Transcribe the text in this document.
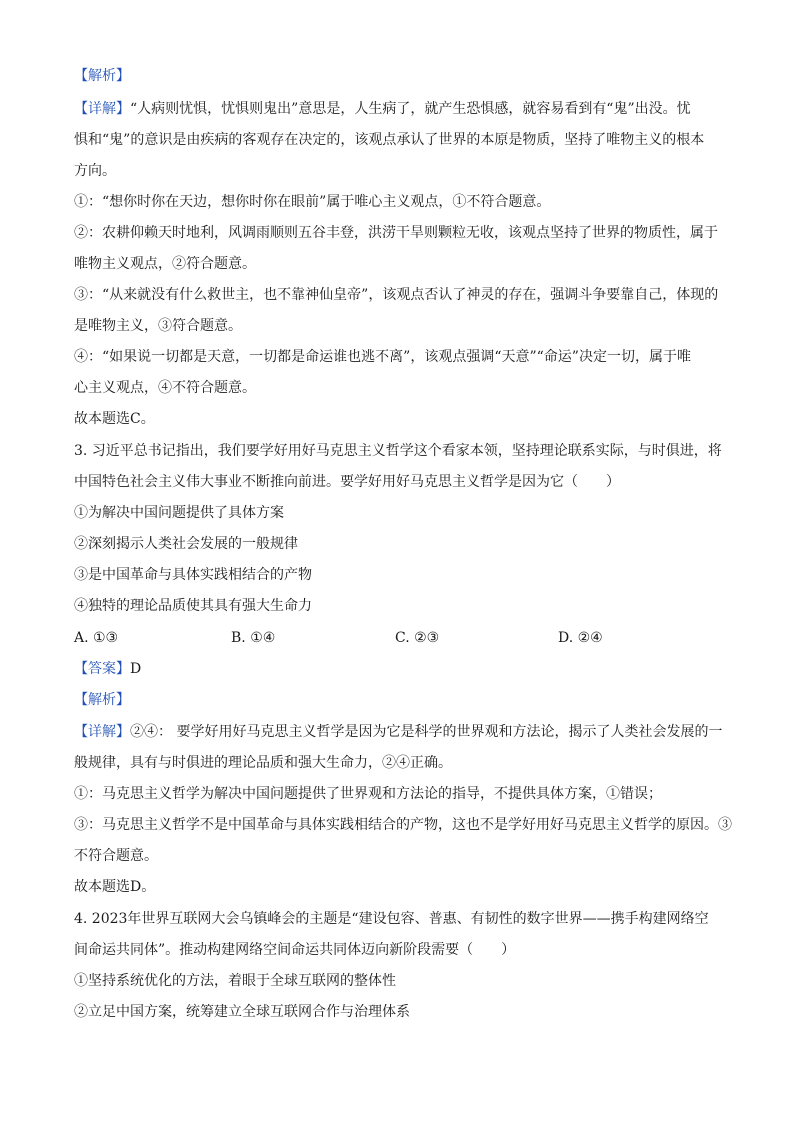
【解析】
【详解】“人病则忧惧，忧惧则鬼出”意思是，人生病了，就产生恐惧感，就容易看到有“鬼”出没。忧
惧和“鬼”的意识是由疾病的客观存在决定的，该观点承认了世界的本原是物质，坚持了唯物主义的根本
方向。
①：“想你时你在天边，想你时你在眼前”属于唯心主义观点，①不符合题意。
②：农耕仰赖天时地利，风调雨顺则五谷丰登，洪涝干旱则颗粒无收，该观点坚持了世界的物质性，属于
唯物主义观点，②符合题意。
③：“从来就没有什么救世主，也不靠神仙皇帝”，该观点否认了神灵的存在，强调斗争要靠自己，体现的
是唯物主义，③符合题意。
④：“如果说一切都是天意，一切都是命运谁也逃不离”，该观点强调“天意”“命运”决定一切，属于唯
心主义观点，④不符合题意。
故本题选C。
3. 习近平总书记指出，我们要学好用好马克思主义哲学这个看家本领，坚持理论联系实际，与时俱进，将
中国特色社会主义伟大事业不断推向前进。要学好用好马克思主义哲学是因为它（　　）
①为解决中国问题提供了具体方案
②深刻揭示人类社会发展的一般规律
③是中国革命与具体实践相结合的产物
④独特的理论品质使其具有强大生命力
A. ①③	B. ①④	C. ②③	D. ②④
【答案】D
【解析】
【详解】②④： 要学好用好马克思主义哲学是因为它是科学的世界观和方法论，揭示了人类社会发展的一
般规律，具有与时俱进的理论品质和强大生命力，②④正确。
①：马克思主义哲学为解决中国问题提供了世界观和方法论的指导，不提供具体方案，①错误；
③：马克思主义哲学不是中国革命与具体实践相结合的产物，这也不是学好用好马克思主义哲学的原因。③
不符合题意。
故本题选D。
4. 2023年世界互联网大会乌镇峰会的主题是“建设包容、普惠、有韧性的数字世界——携手构建网络空
间命运共同体”。推动构建网络空间命运共同体迈向新阶段需要（　　）
①坚持系统优化的方法，着眼于全球互联网的整体性
②立足中国方案，统筹建立全球互联网合作与治理体系
